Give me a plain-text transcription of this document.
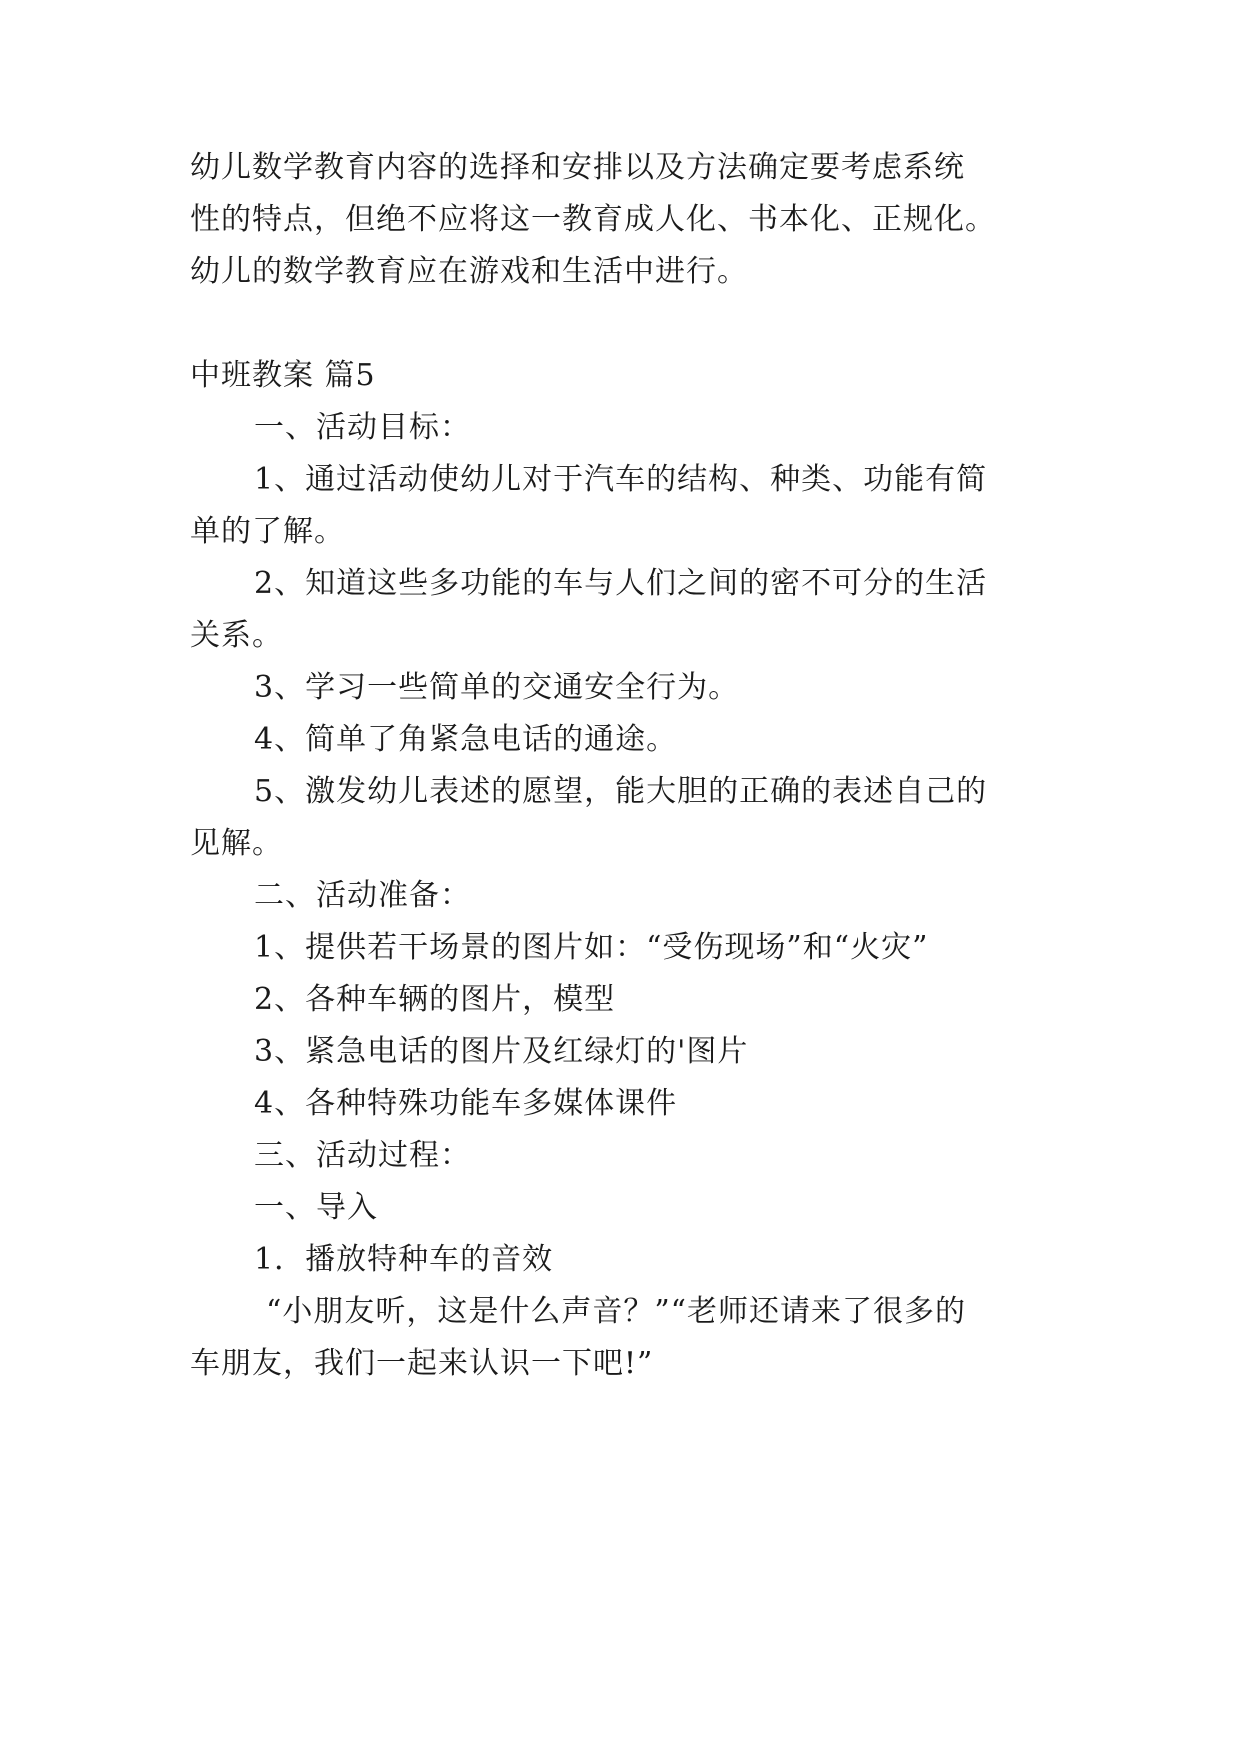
幼儿数学教育内容的选择和安排以及方法确定要考虑系统
性的特点，但绝不应将这一教育成人化、书本化、正规化。
幼儿的数学教育应在游戏和生活中进行。
中班教案 篇5
一、活动目标：
1、通过活动使幼儿对于汽车的结构、种类、功能有简
单的了解。
2、知道这些多功能的车与人们之间的密不可分的生活
关系。
3、学习一些简单的交通安全行为。
4、简单了角紧急电话的通途。
5、激发幼儿表述的愿望，能大胆的正确的表述自己的
见解。
二、活动准备：
1、提供若干场景的图片如：“受伤现场”和“火灾”
2、各种车辆的图片，模型
3、紧急电话的图片及红绿灯的'图片
4、各种特殊功能车多媒体课件
三、活动过程：
一、导入
1．播放特种车的音效
“小朋友听，这是什么声音？”“老师还请来了很多的
车朋友，我们一起来认识一下吧!”
